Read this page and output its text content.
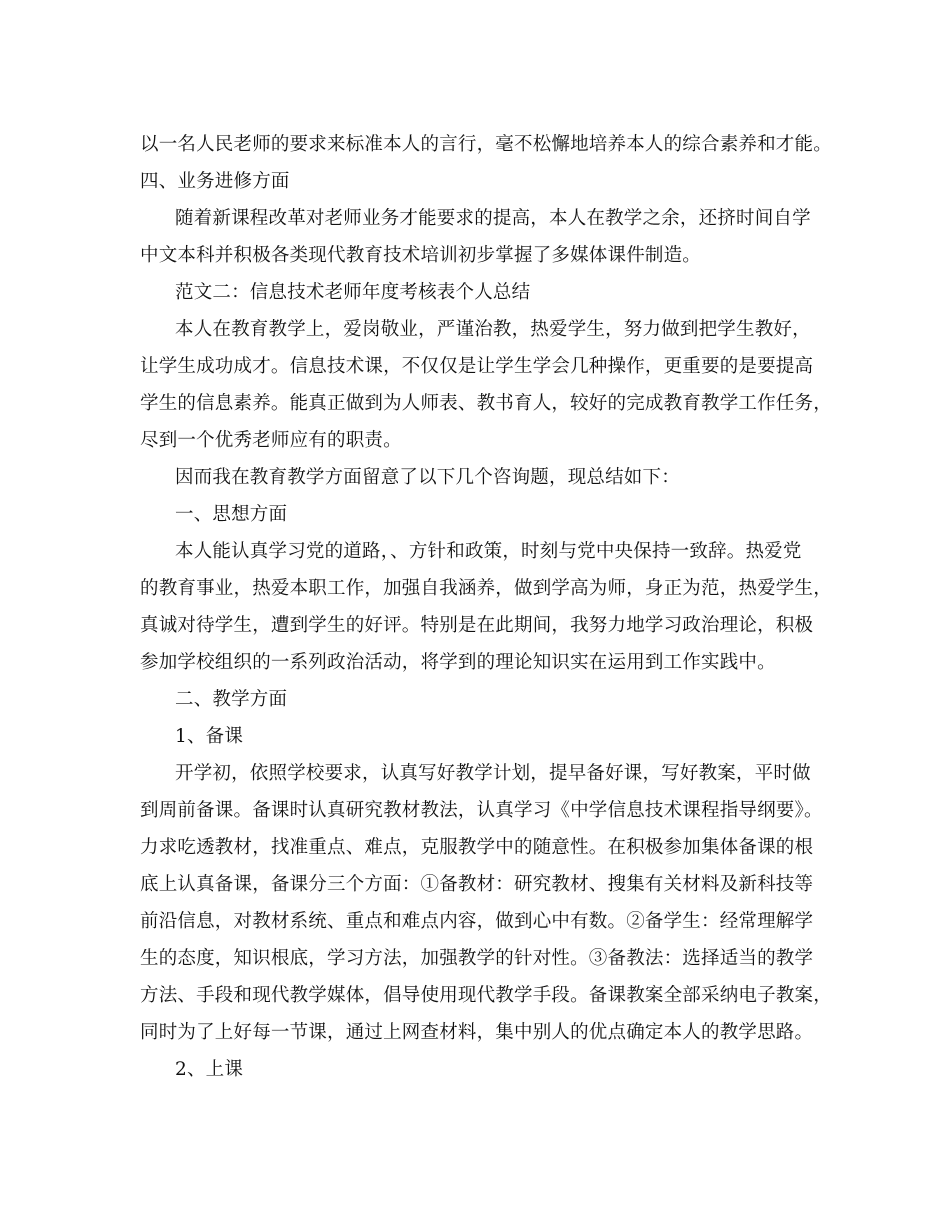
以一名人民老师的要求来标准本人的言行，毫不松懈地培养本人的综合素养和才能。
四、业务进修方面
随着新课程改革对老师业务才能要求的提高，本人在教学之余，还挤时间自学
中文本科并积极各类现代教育技术培训初步掌握了多媒体课件制造。
范文二：信息技术老师年度考核表个人总结
本人在教育教学上，爱岗敬业，严谨治教，热爱学生，努力做到把学生教好，
让学生成功成才。信息技术课，不仅仅是让学生学会几种操作，更重要的是要提高
学生的信息素养。能真正做到为人师表、教书育人，较好的完成教育教学工作任务，
尽到一个优秀老师应有的职责。
因而我在教育教学方面留意了以下几个咨询题，现总结如下：
一、思想方面
本人能认真学习党的道路，、方针和政策，时刻与党中央保持一致辞。热爱党
的教育事业，热爱本职工作，加强自我涵养，做到学高为师，身正为范，热爱学生，
真诚对待学生，遭到学生的好评。特别是在此期间，我努力地学习政治理论，积极
参加学校组织的一系列政治活动，将学到的理论知识实在运用到工作实践中。
二、教学方面
1、备课
开学初，依照学校要求，认真写好教学计划，提早备好课，写好教案，平时做
到周前备课。备课时认真研究教材教法，认真学习《中学信息技术课程指导纲要》。
力求吃透教材，找准重点、难点，克服教学中的随意性。在积极参加集体备课的根
底上认真备课，备课分三个方面：①备教材：研究教材、搜集有关材料及新科技等
前沿信息，对教材系统、重点和难点内容，做到心中有数。②备学生：经常理解学
生的态度，知识根底，学习方法，加强教学的针对性。③备教法：选择适当的教学
方法、手段和现代教学媒体，倡导使用现代教学手段。备课教案全部采纳电子教案，
同时为了上好每一节课，通过上网查材料，集中别人的优点确定本人的教学思路。
2、上课
